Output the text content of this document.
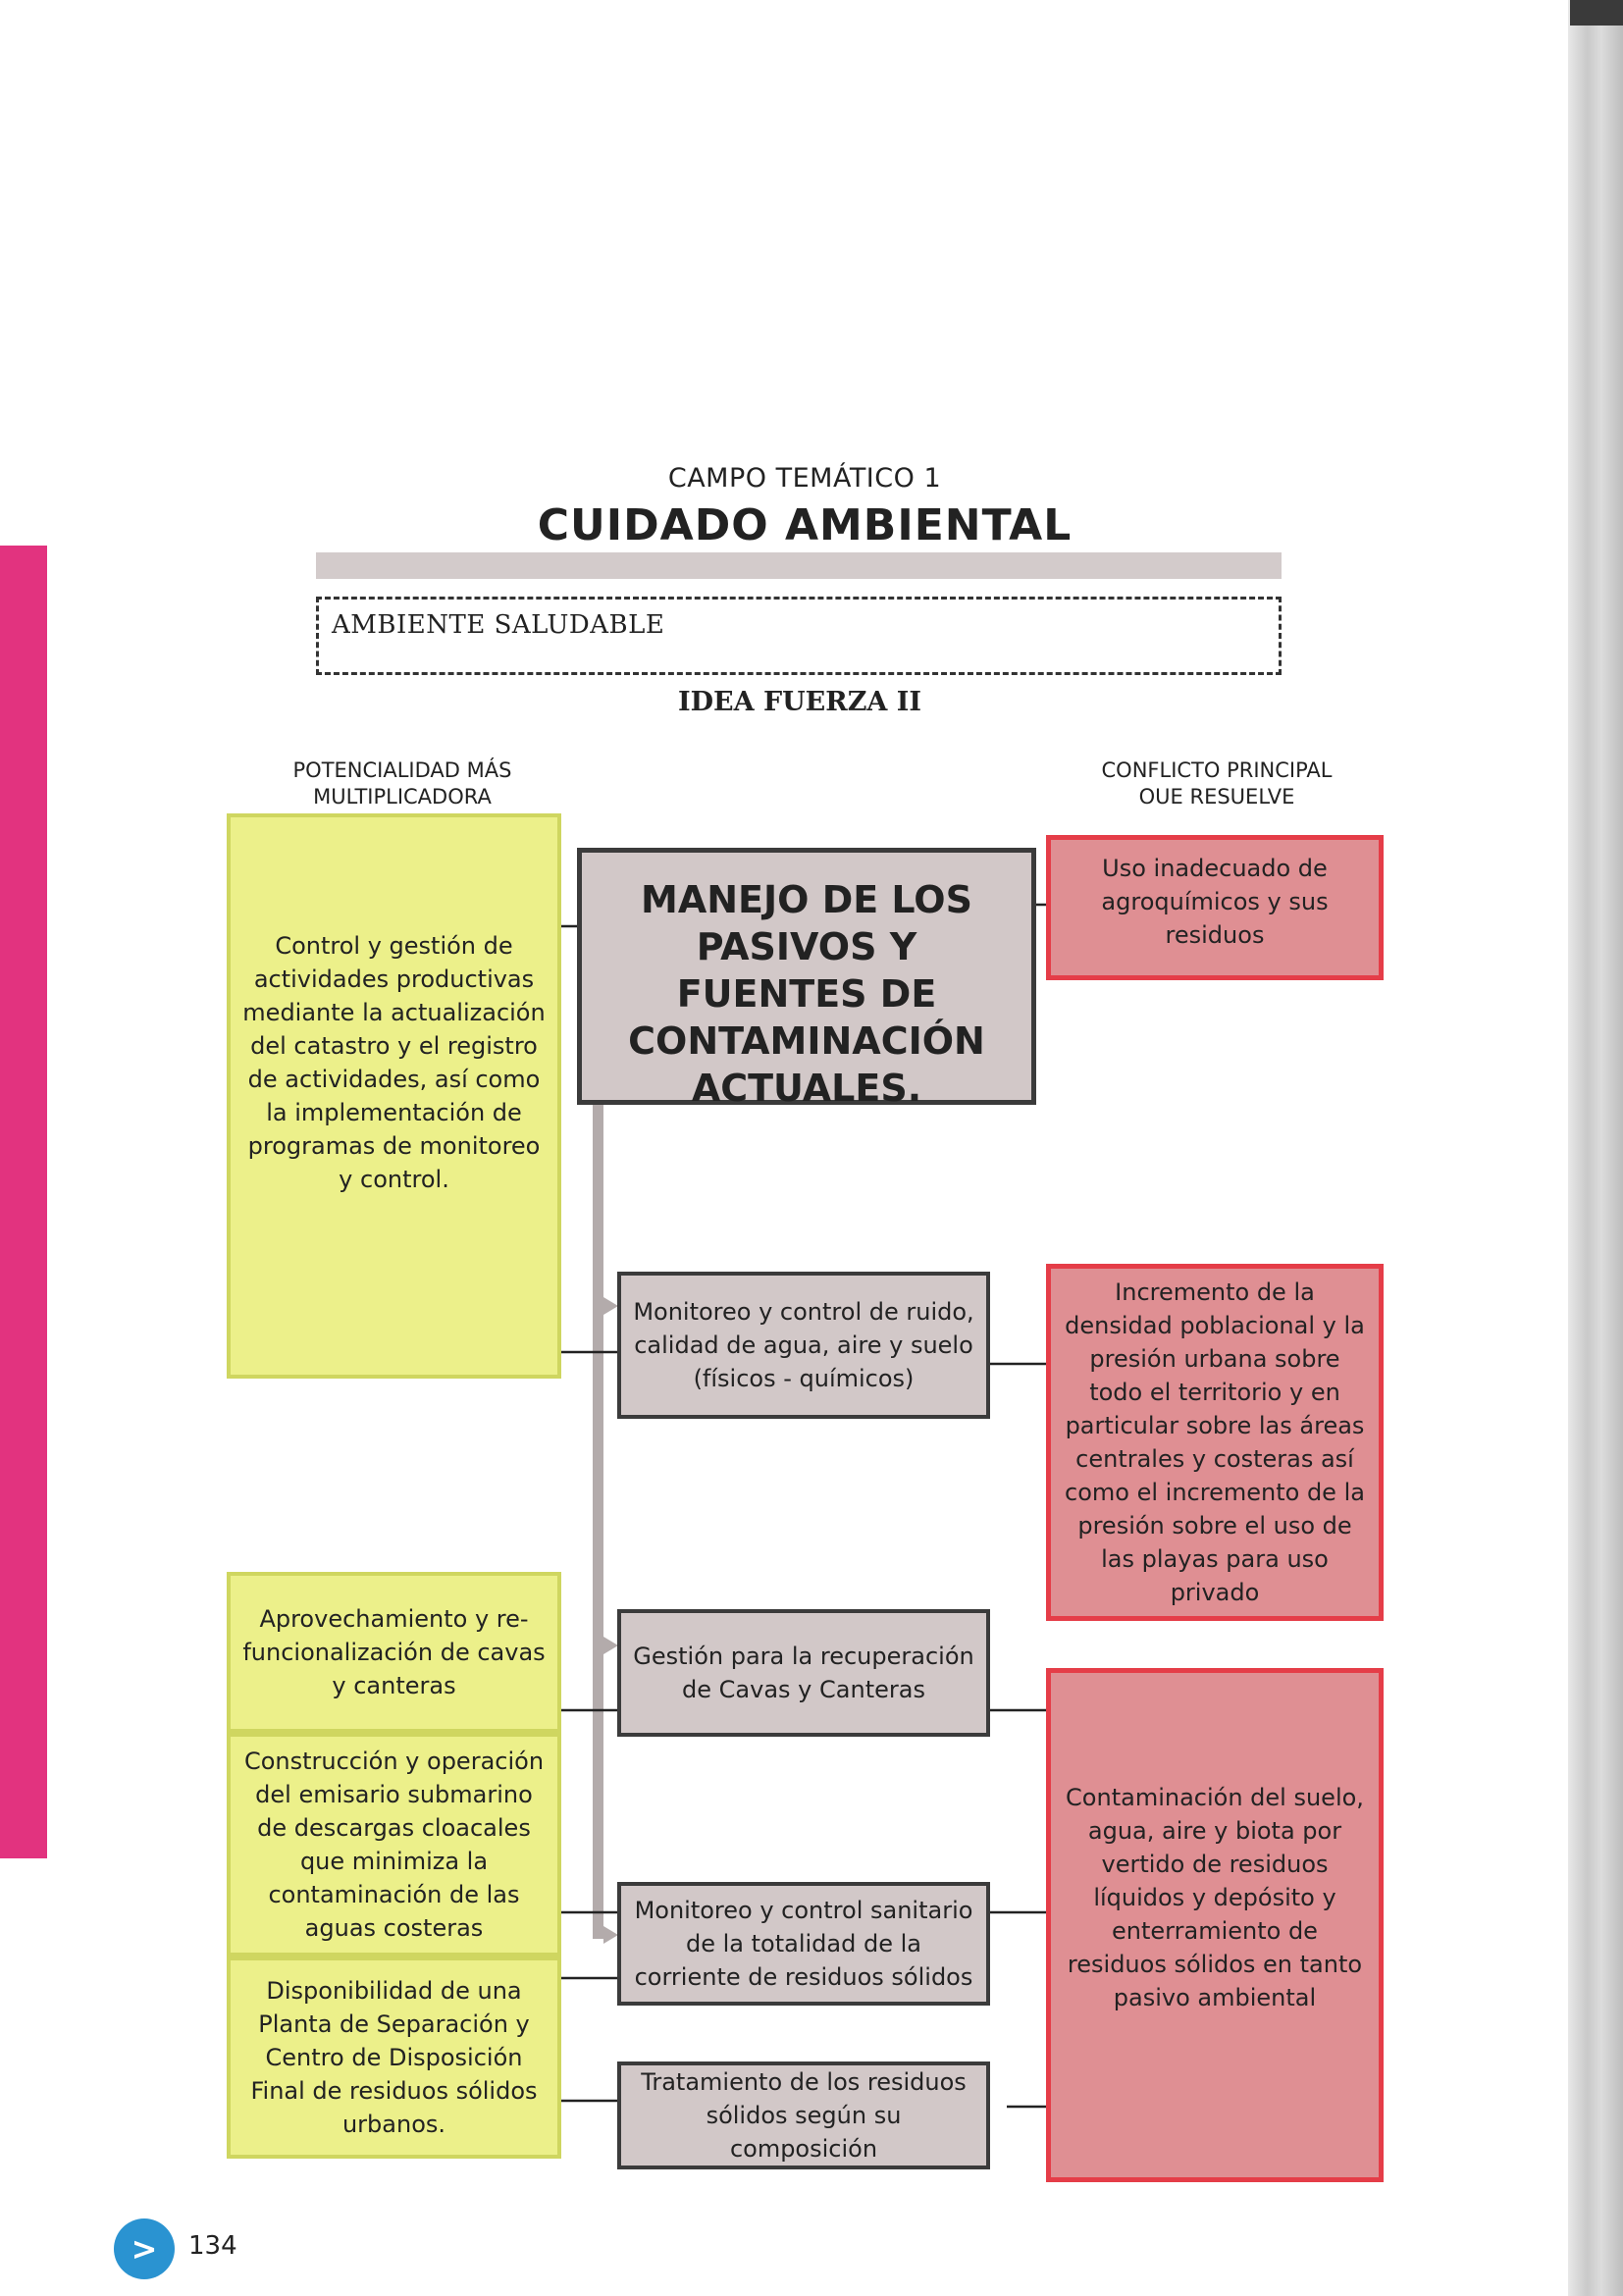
CAMPO TEMÁTICO 1
CUIDADO AMBIENTAL
AMBIENTE SALUDABLE
IDEA FUERZA II
POTENCIALIDAD MÁS MULTIPLICADORA
CONFLICTO PRINCIPAL OUE RESUELVE
Control y gestión de actividades productivas mediante la actualización del catastro y el registro de actividades, así como la implementación de programas de monitoreo y control.
Aprovechamiento y re-funcionalización de cavas y canteras
Construcción y operación del emisario submarino de descargas cloacales que minimiza la contaminación de las aguas costeras
Disponibilidad de una Planta de Separación y Centro de Disposición Final de residuos sólidos urbanos.
MANEJO DE LOS PASIVOS Y FUENTES DE CONTAMINACIÓN ACTUALES.
Monitoreo y control de ruido, calidad de agua, aire y suelo (físicos - químicos)
Gestión para la recuperación de Cavas y Canteras
Monitoreo y control sanitario de la totalidad de la corriente de residuos sólidos
Tratamiento de los residuos sólidos según su composición
Uso inadecuado de agroquímicos y sus residuos
Incremento de la densidad poblacional y la presión urbana sobre todo el territorio y en particular sobre las áreas centrales y costeras así como el incremento de la presión sobre el uso de las playas para uso privado
Contaminación del suelo, agua, aire y biota por vertido de residuos líquidos y depósito y enterramiento de residuos sólidos en tanto pasivo ambiental
>	134
